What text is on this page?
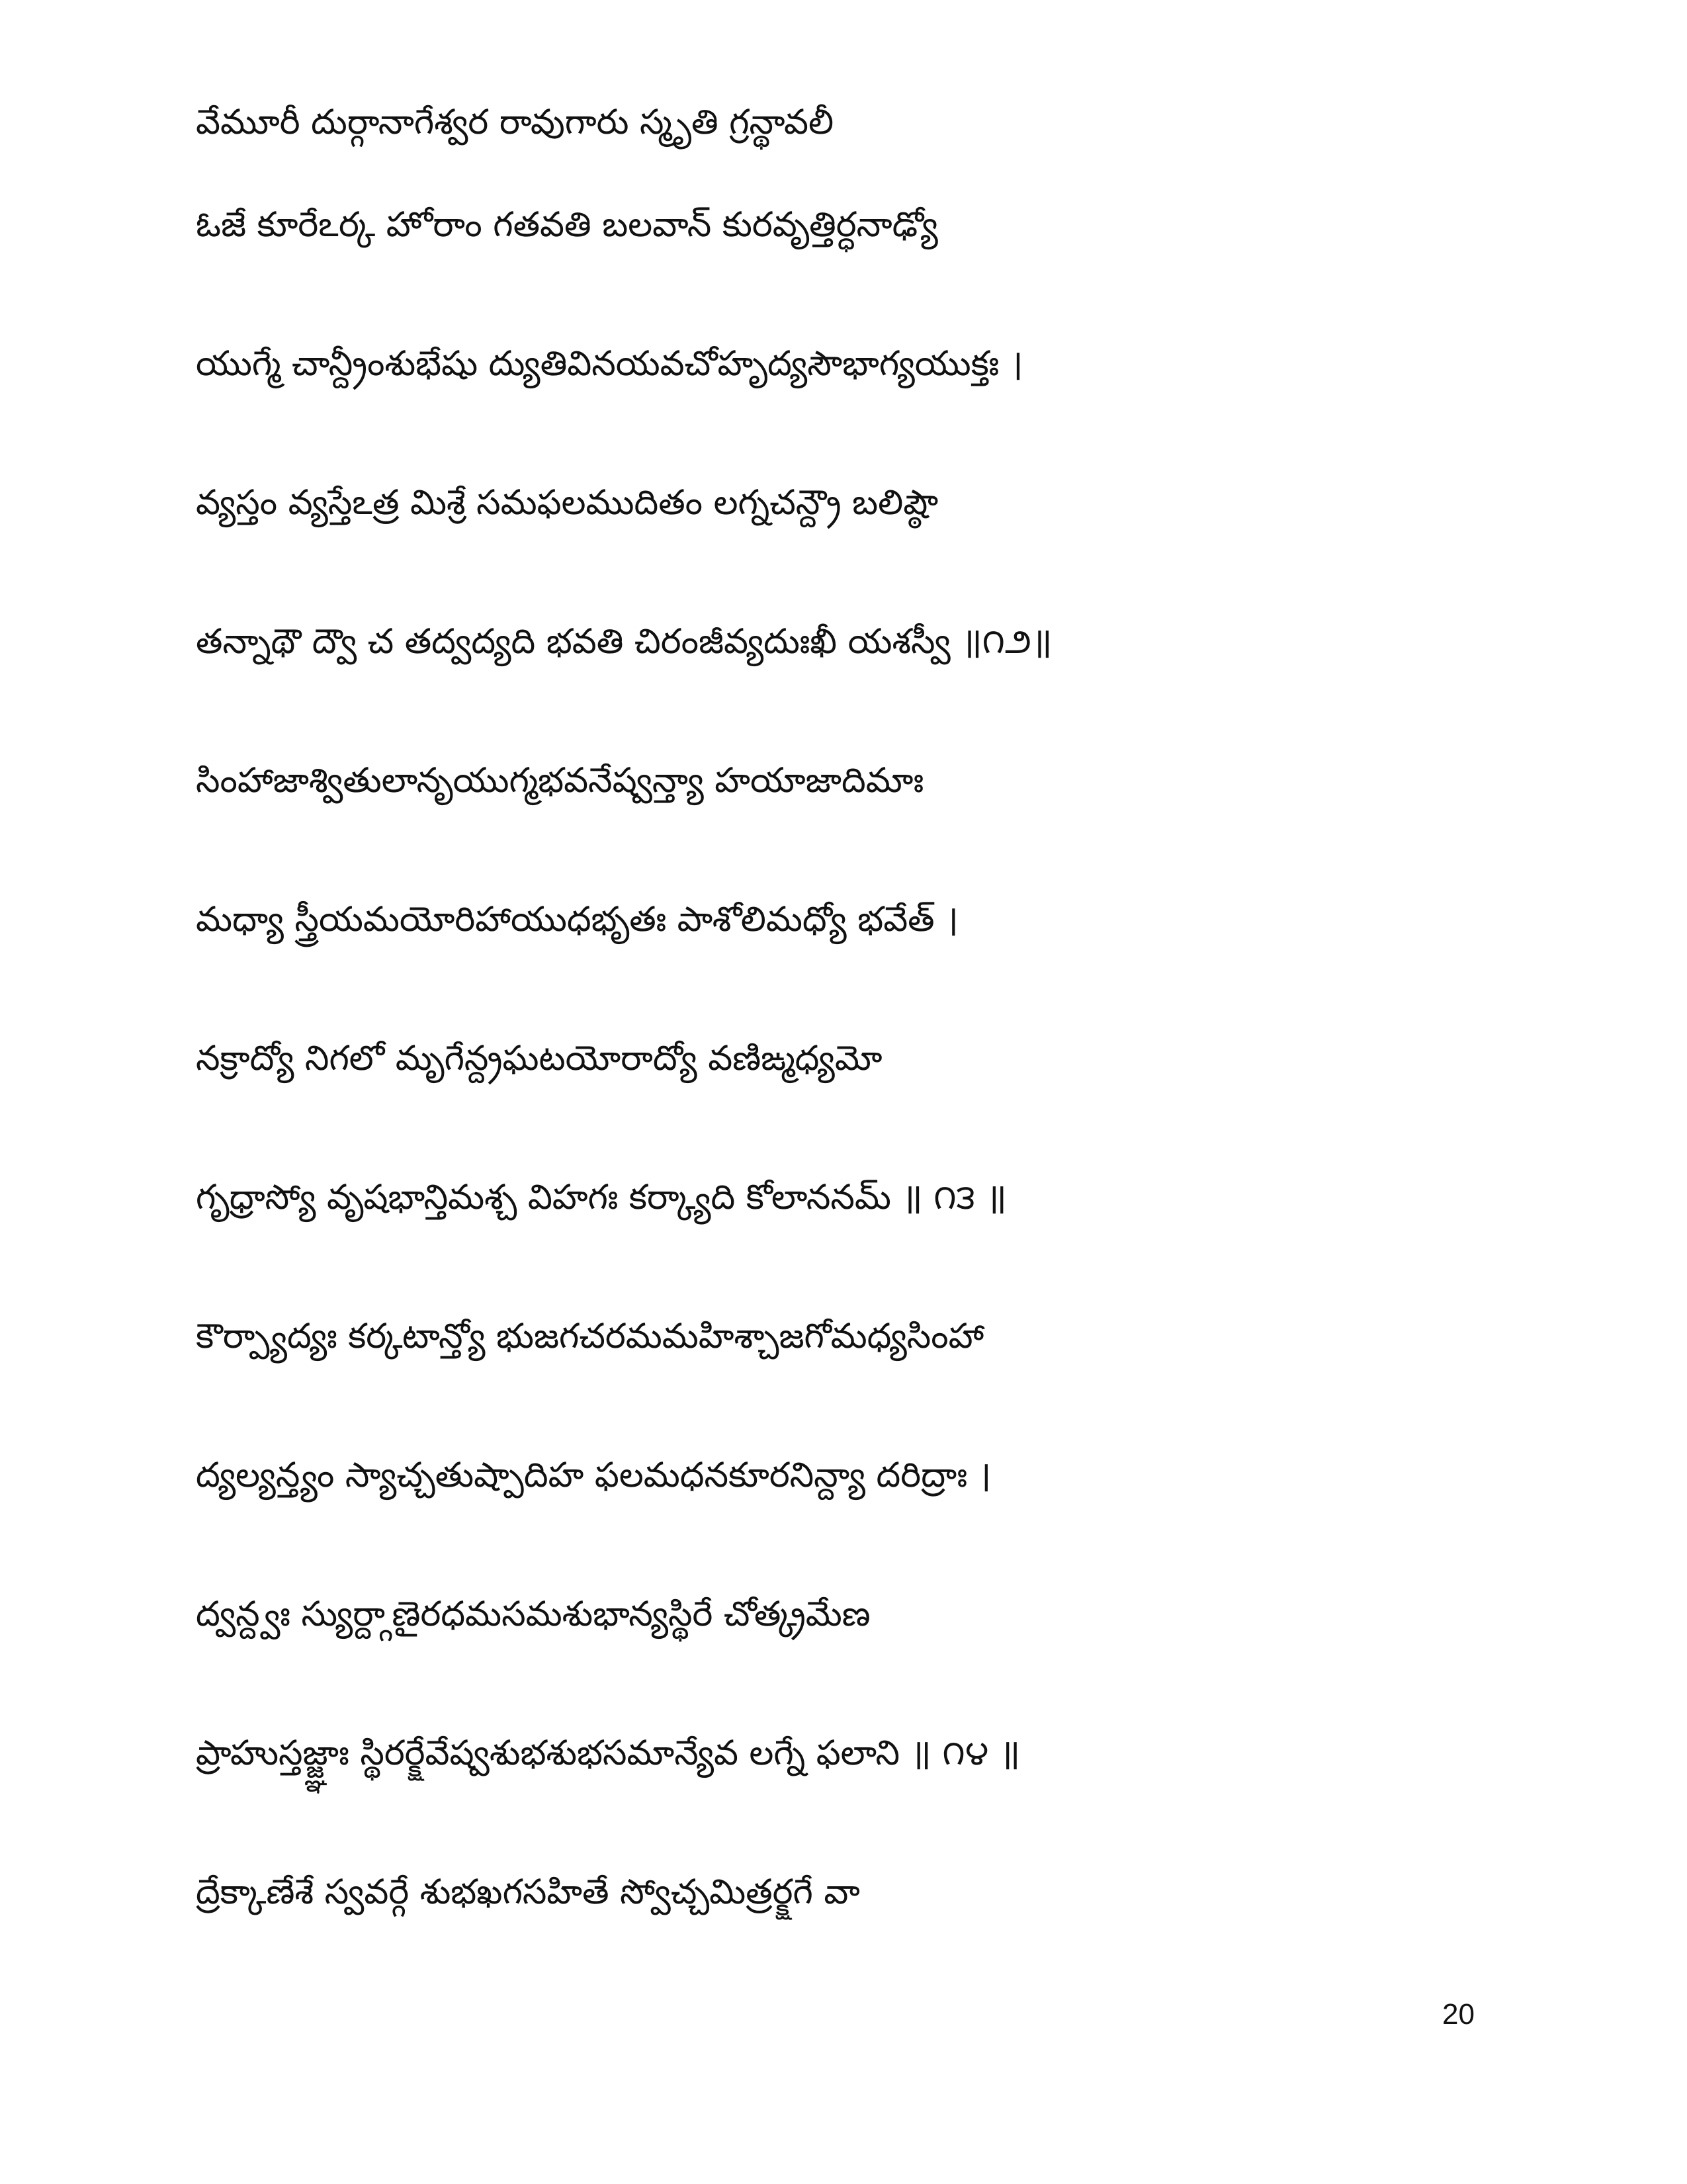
వేమూరీ దుర్గానాగేశ్వర రావుగారు స్మృతి గ్రన్థావలీ
ఓజే కూరేఽర్క హోరాం గతవతి బలవాన్ కురవృత్తిర్ధనాఢ్యో
యుగ్మే చాన్ద్రీంశుభేషు ద్యుతివినయవచోహృద్యసౌభాగ్యయుక్తః ।
వ్యస్తం వ్యస్తేఽత్ర మిశ్రే సమఫలముదితం లగ్నచన్ద్రౌ బలిష్ఠౌ
తన్నాథౌ ద్వౌ చ తద్వద్యది భవతి చిరంజీవ్యదుఃఖీ యశస్వీ ॥౧౨॥
సింహాజాశ్వితులానృయుగ్మభవనేష్వన్త్యా హయాజాదిమాః
మధ్యా స్త్రీయమయోరిహాయుధభృతః పాశోలిమధ్యో భవేత్ ।
నక్రాద్యో నిగలో మృగేన్ద్రఘటయోరాద్యో వణిఙ్మధ్యమో
గృధ్రాస్యో వృషభాన్తిమశ్చ విహగః కర్క్యాది కోలాననమ్ ॥ ౧౩ ॥
కౌర్ప్యాద్యః కర్కటాన్త్యో భుజగచరమమహిశ్చాజగోమధ్యసింహా
ద్యల్యన్త్యం స్యాచ్చతుష్పాదిహ ఫలమధనకూరనిన్ద్యా దరిద్రాః ।
ద్వన్ద్వః స్యుర్ద్గాణైరధమసమశుభాన్యస్థిరే చోత్క్రమేణ
ప్రాహుస్తజ్జ్ఞాః స్థిరర్క్షేవేష్వశుభశుభసమాన్యేవ లగ్నే ఫలాని ॥ ౧౪ ॥
ద్రేక్కాణేశే స్వవర్గే శుభఖగసహితే స్వోచ్చమిత్రర్క్షగే వా
20
